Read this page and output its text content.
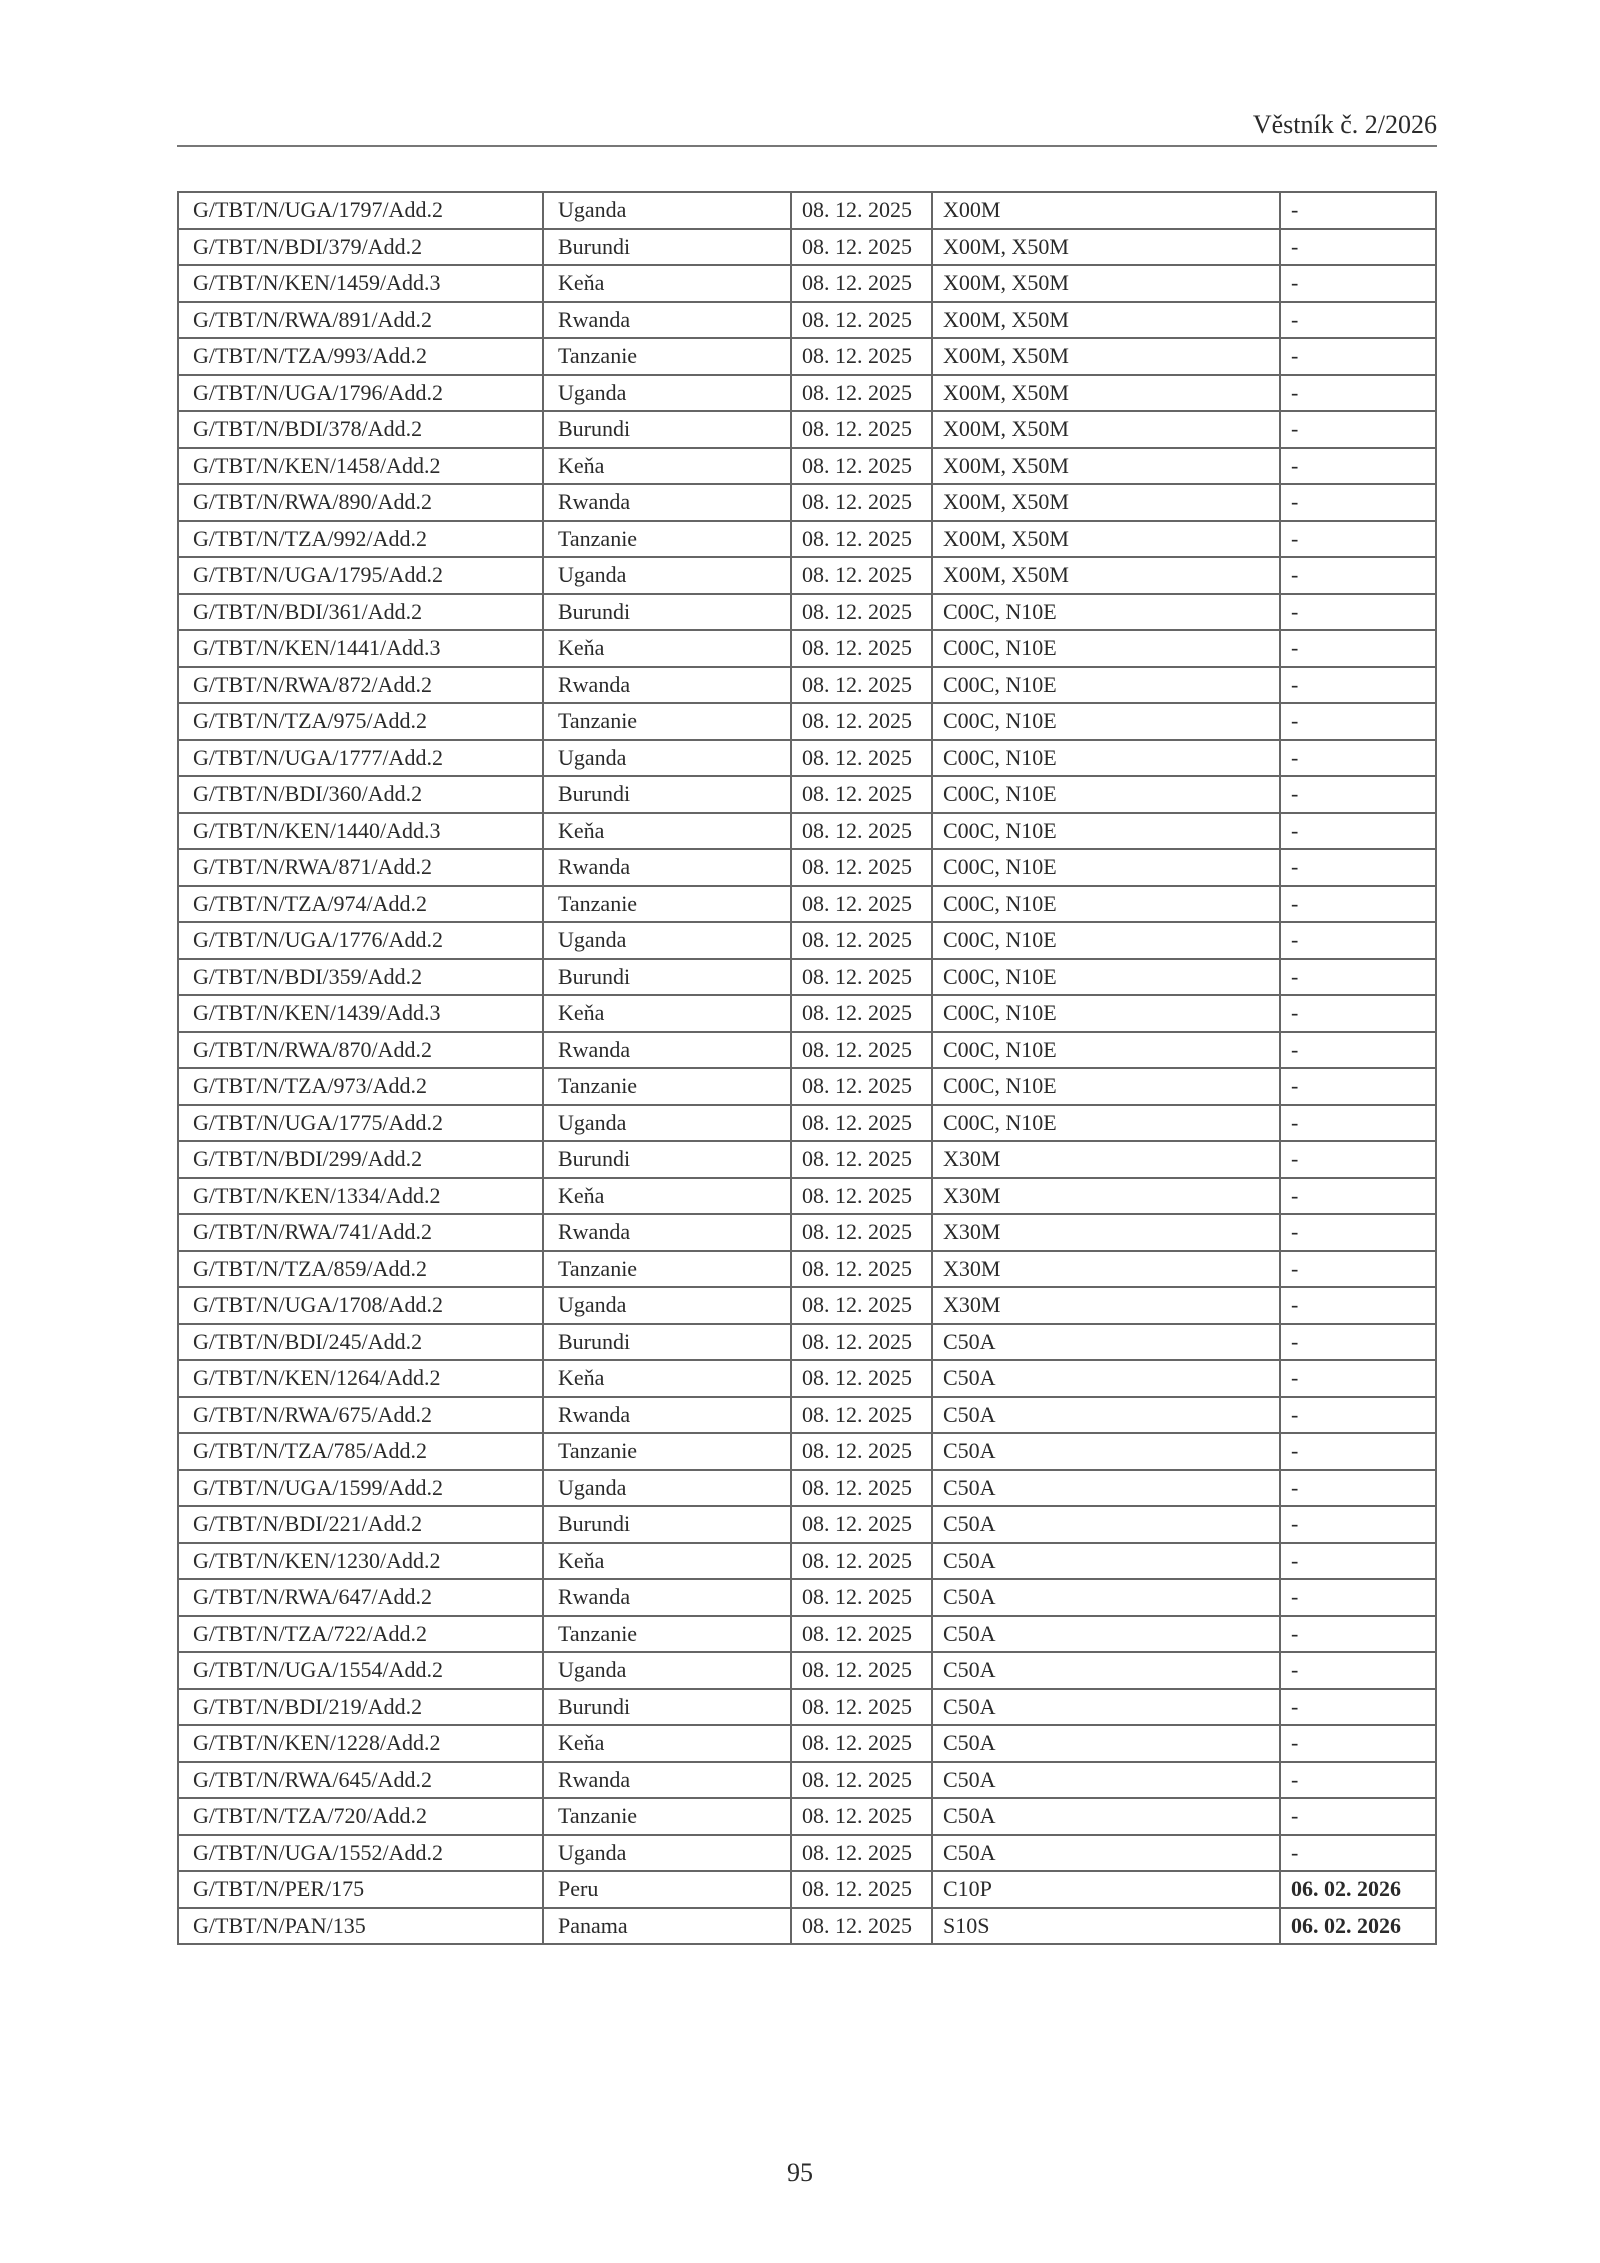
Věstník č. 2/2026
G/TBT/N/UGA/1797/Add.2	Uganda	08. 12. 2025	X00M	-
G/TBT/N/BDI/379/Add.2	Burundi	08. 12. 2025	X00M, X50M	-
G/TBT/N/KEN/1459/Add.3	Keňa	08. 12. 2025	X00M, X50M	-
G/TBT/N/RWA/891/Add.2	Rwanda	08. 12. 2025	X00M, X50M	-
G/TBT/N/TZA/993/Add.2	Tanzanie	08. 12. 2025	X00M, X50M	-
G/TBT/N/UGA/1796/Add.2	Uganda	08. 12. 2025	X00M, X50M	-
G/TBT/N/BDI/378/Add.2	Burundi	08. 12. 2025	X00M, X50M	-
G/TBT/N/KEN/1458/Add.2	Keňa	08. 12. 2025	X00M, X50M	-
G/TBT/N/RWA/890/Add.2	Rwanda	08. 12. 2025	X00M, X50M	-
G/TBT/N/TZA/992/Add.2	Tanzanie	08. 12. 2025	X00M, X50M	-
G/TBT/N/UGA/1795/Add.2	Uganda	08. 12. 2025	X00M, X50M	-
G/TBT/N/BDI/361/Add.2	Burundi	08. 12. 2025	C00C, N10E	-
G/TBT/N/KEN/1441/Add.3	Keňa	08. 12. 2025	C00C, N10E	-
G/TBT/N/RWA/872/Add.2	Rwanda	08. 12. 2025	C00C, N10E	-
G/TBT/N/TZA/975/Add.2	Tanzanie	08. 12. 2025	C00C, N10E	-
G/TBT/N/UGA/1777/Add.2	Uganda	08. 12. 2025	C00C, N10E	-
G/TBT/N/BDI/360/Add.2	Burundi	08. 12. 2025	C00C, N10E	-
G/TBT/N/KEN/1440/Add.3	Keňa	08. 12. 2025	C00C, N10E	-
G/TBT/N/RWA/871/Add.2	Rwanda	08. 12. 2025	C00C, N10E	-
G/TBT/N/TZA/974/Add.2	Tanzanie	08. 12. 2025	C00C, N10E	-
G/TBT/N/UGA/1776/Add.2	Uganda	08. 12. 2025	C00C, N10E	-
G/TBT/N/BDI/359/Add.2	Burundi	08. 12. 2025	C00C, N10E	-
G/TBT/N/KEN/1439/Add.3	Keňa	08. 12. 2025	C00C, N10E	-
G/TBT/N/RWA/870/Add.2	Rwanda	08. 12. 2025	C00C, N10E	-
G/TBT/N/TZA/973/Add.2	Tanzanie	08. 12. 2025	C00C, N10E	-
G/TBT/N/UGA/1775/Add.2	Uganda	08. 12. 2025	C00C, N10E	-
G/TBT/N/BDI/299/Add.2	Burundi	08. 12. 2025	X30M	-
G/TBT/N/KEN/1334/Add.2	Keňa	08. 12. 2025	X30M	-
G/TBT/N/RWA/741/Add.2	Rwanda	08. 12. 2025	X30M	-
G/TBT/N/TZA/859/Add.2	Tanzanie	08. 12. 2025	X30M	-
G/TBT/N/UGA/1708/Add.2	Uganda	08. 12. 2025	X30M	-
G/TBT/N/BDI/245/Add.2	Burundi	08. 12. 2025	C50A	-
G/TBT/N/KEN/1264/Add.2	Keňa	08. 12. 2025	C50A	-
G/TBT/N/RWA/675/Add.2	Rwanda	08. 12. 2025	C50A	-
G/TBT/N/TZA/785/Add.2	Tanzanie	08. 12. 2025	C50A	-
G/TBT/N/UGA/1599/Add.2	Uganda	08. 12. 2025	C50A	-
G/TBT/N/BDI/221/Add.2	Burundi	08. 12. 2025	C50A	-
G/TBT/N/KEN/1230/Add.2	Keňa	08. 12. 2025	C50A	-
G/TBT/N/RWA/647/Add.2	Rwanda	08. 12. 2025	C50A	-
G/TBT/N/TZA/722/Add.2	Tanzanie	08. 12. 2025	C50A	-
G/TBT/N/UGA/1554/Add.2	Uganda	08. 12. 2025	C50A	-
G/TBT/N/BDI/219/Add.2	Burundi	08. 12. 2025	C50A	-
G/TBT/N/KEN/1228/Add.2	Keňa	08. 12. 2025	C50A	-
G/TBT/N/RWA/645/Add.2	Rwanda	08. 12. 2025	C50A	-
G/TBT/N/TZA/720/Add.2	Tanzanie	08. 12. 2025	C50A	-
G/TBT/N/UGA/1552/Add.2	Uganda	08. 12. 2025	C50A	-
G/TBT/N/PER/175	Peru	08. 12. 2025	C10P	06. 02. 2026
G/TBT/N/PAN/135	Panama	08. 12. 2025	S10S	06. 02. 2026
95
